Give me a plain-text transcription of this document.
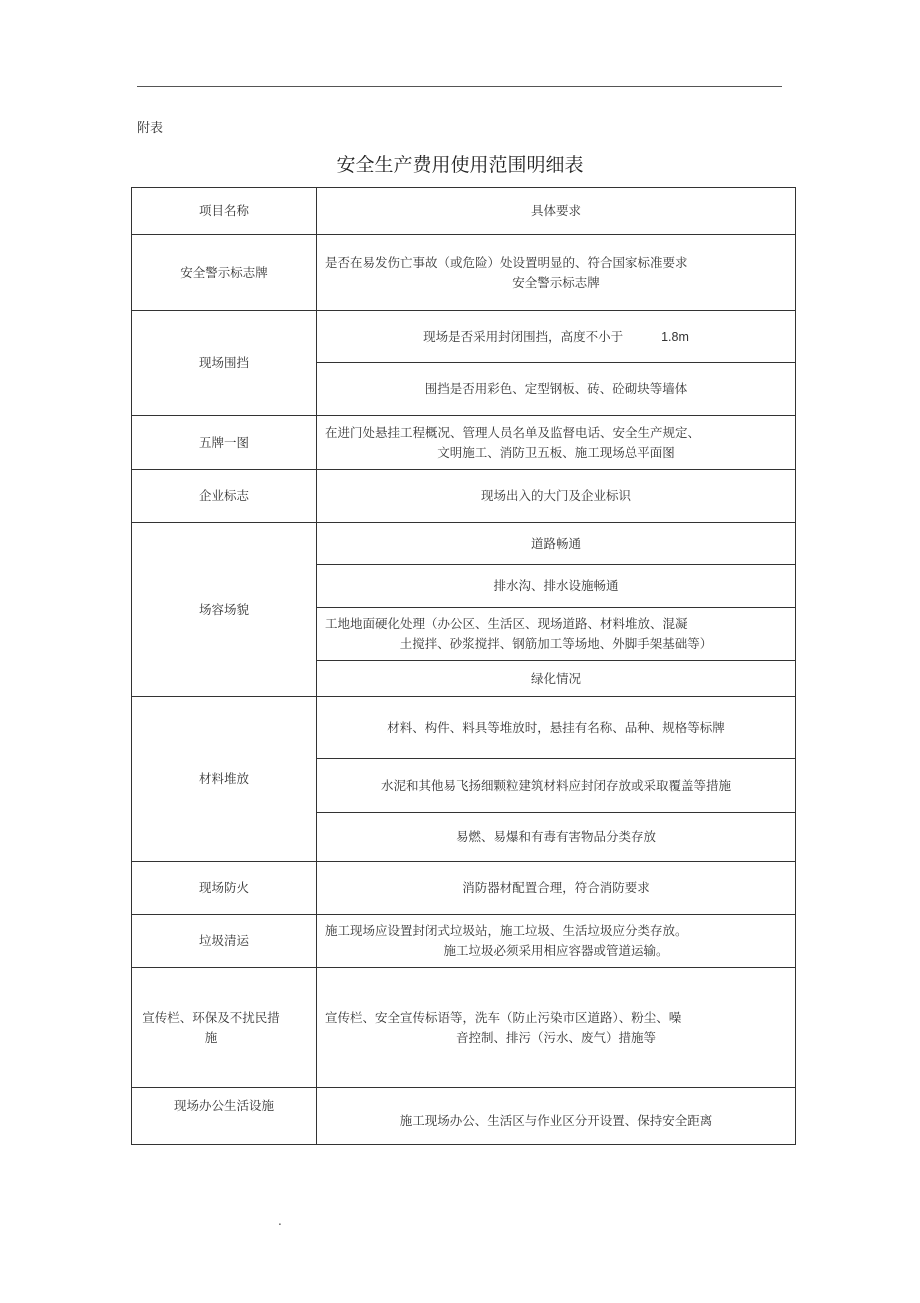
附表
安全生产费用使用范围明细表
项目名称	具体要求
安全警示标志牌	是否在易发伤亡事故（或危险）处设置明显的、符合国家标准要求
安全警示标志牌

现场围挡	现场是否采用封闭围挡，高度不小于 1.8m
	围挡是否用彩色、定型钢板、砖、砼砌块等墙体
五牌一图	在进门处悬挂工程概况、管理人员名单及监督电话、安全生产规定、
文明施工、消防卫五板、施工现场总平面图

企业标志	现场出入的大门及企业标识
场容场貌	道路畅通
	排水沟、排水设施畅通

	工地地面硬化处理（办公区、生活区、现场道路、材料堆放、混凝
土搅拌、砂浆搅拌、钢筋加工等场地、外脚手架基础等）

	绿化情况
材料堆放	材料、构件、料具等堆放时，悬挂有名称、品种、规格等标牌
	水泥和其他易飞扬细颗粒建筑材料应封闭存放或采取覆盖等措施
	易燃、易爆和有毒有害物品分类存放
现场防火	消防器材配置合理，符合消防要求
垃圾清运	施工现场应设置封闭式垃圾站，施工垃圾、生活垃圾应分类存放。
施工垃圾必须采用相应容器或管道运输。

宣传栏、环保及不扰民措施	宣传栏、安全宣传标语等，洗车（防止污染市区道路）、粉尘、噪
音控制、排污（污水、废气）措施等

现场办公生活设施	施工现场办公、生活区与作业区分开设置、保持安全距离
.
